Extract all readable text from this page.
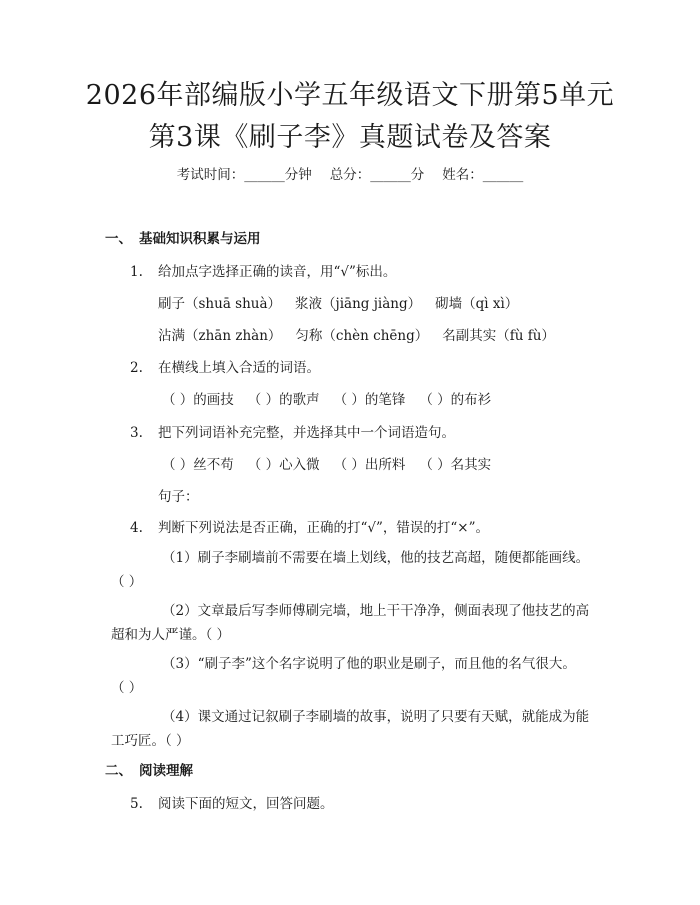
2026年部编版小学五年级语文下册第5单元
第3课《刷子李》真题试卷及答案
考试时间：______分钟 总分：______分 姓名：______
一、 基础知识积累与运用
1. 给加点字选择正确的读音，用“√”标出。
刷子（shuā shuà） 浆液（jiāng jiàng） 砌墙（qì xì）
沾满（zhān zhàn） 匀称（chèn chēng） 名副其实（fù fù）
2. 在横线上填入合适的词语。
（ ）的画技 （ ）的歌声 （ ）的笔锋 （ ）的布衫
3. 把下列词语补充完整，并选择其中一个词语造句。
（ ）丝不苟 （ ）心入微 （ ）出所料 （ ）名其实
句子：
4. 判断下列说法是否正确，正确的打“√”，错误的打“×”。
（1）刷子李刷墙前不需要在墙上划线，他的技艺高超，随便都能画线。
（ ）
（2）文章最后写李师傅刷完墙，地上干干净净，侧面表现了他技艺的高
超和为人严谨。（ ）
（3）“刷子李”这个名字说明了他的职业是刷子，而且他的名气很大。
（ ）
（4）课文通过记叙刷子李刷墙的故事，说明了只要有天赋，就能成为能
工巧匠。（ ）
二、 阅读理解
5. 阅读下面的短文，回答问题。
